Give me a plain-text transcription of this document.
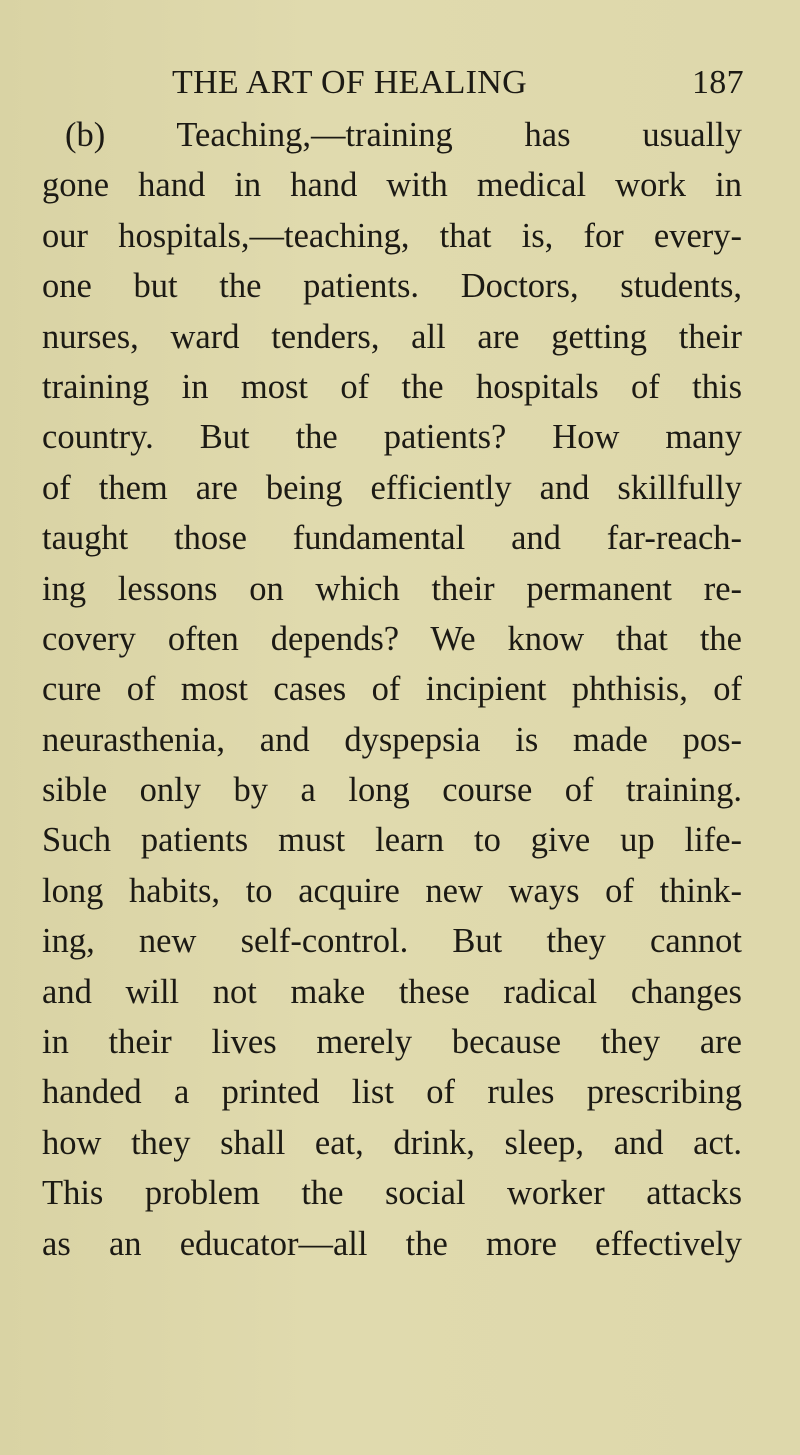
THE ART OF HEALING	187
(b) Teaching,—training has usually
gone hand in hand with medical work in
our hospitals,—teaching, that is, for every-
one but the patients. Doctors, students,
nurses, ward tenders, all are getting their
training in most of the hospitals of this
country. But the patients? How many
of them are being efficiently and skillfully
taught those fundamental and far-reach-
ing lessons on which their permanent re-
covery often depends? We know that the
cure of most cases of incipient phthisis, of
neurasthenia, and dyspepsia is made pos-
sible only by a long course of training.
Such patients must learn to give up life-
long habits, to acquire new ways of think-
ing, new self-control. But they cannot
and will not make these radical changes
in their lives merely because they are
handed a printed list of rules prescribing
how they shall eat, drink, sleep, and act.
This problem the social worker attacks
as an educator—all the more effectively
